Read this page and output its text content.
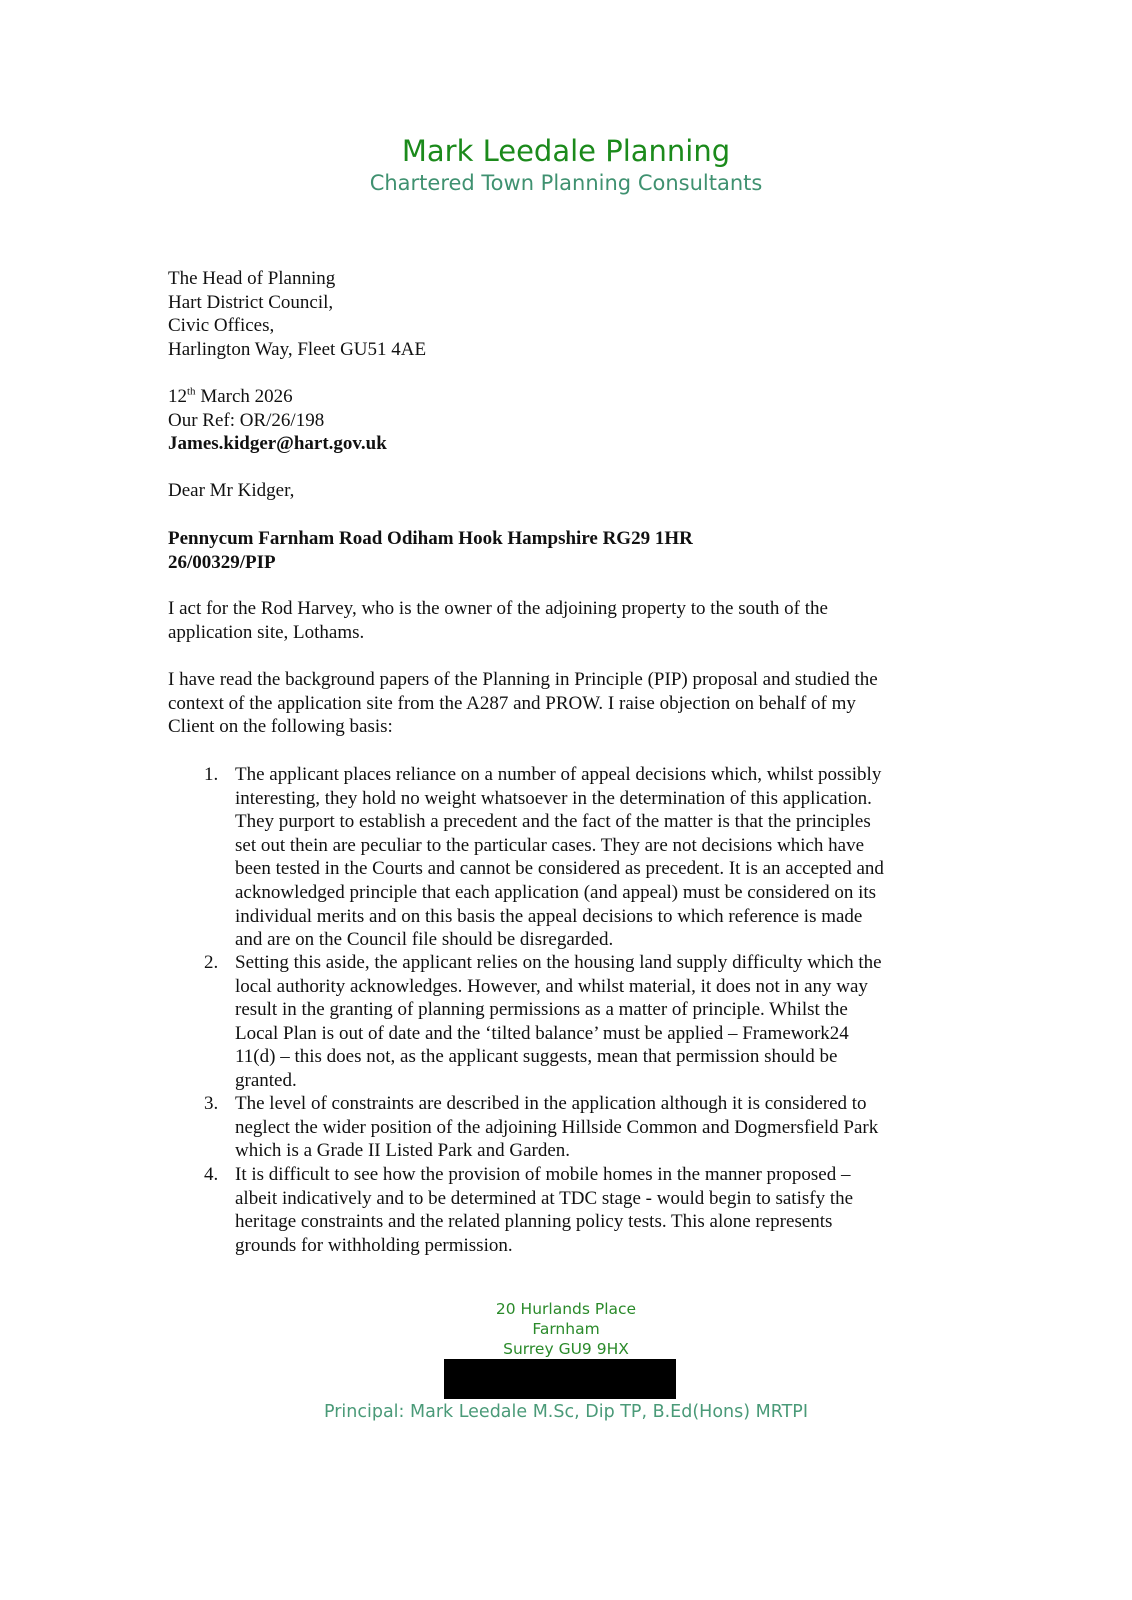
Mark Leedale Planning
Chartered Town Planning Consultants
The Head of Planning
Hart District Council,
Civic Offices,
Harlington Way, Fleet GU51 4AE
12th March 2026
Our Ref: OR/26/198
James.kidger@hart.gov.uk
Dear Mr Kidger,
Pennycum Farnham Road Odiham Hook Hampshire RG29 1HR
26/00329/PIP
I act for the Rod Harvey, who is the owner of the adjoining property to the south of the
application site, Lothams.
I have read the background papers of the Planning in Principle (PIP) proposal and studied the
context of the application site from the A287 and PROW. I raise objection on behalf of my
Client on the following basis:
1. The applicant places reliance on a number of appeal decisions which, whilst possibly
interesting, they hold no weight whatsoever in the determination of this application.
They purport to establish a precedent and the fact of the matter is that the principles
set out thein are peculiar to the particular cases. They are not decisions which have
been tested in the Courts and cannot be considered as precedent. It is an accepted and
acknowledged principle that each application (and appeal) must be considered on its
individual merits and on this basis the appeal decisions to which reference is made
and are on the Council file should be disregarded.
2. Setting this aside, the applicant relies on the housing land supply difficulty which the
local authority acknowledges. However, and whilst material, it does not in any way
result in the granting of planning permissions as a matter of principle. Whilst the
Local Plan is out of date and the ‘tilted balance’ must be applied – Framework24
11(d) – this does not, as the applicant suggests, mean that permission should be
granted.
3. The level of constraints are described in the application although it is considered to
neglect the wider position of the adjoining Hillside Common and Dogmersfield Park
which is a Grade II Listed Park and Garden.
4. It is difficult to see how the provision of mobile homes in the manner proposed –
albeit indicatively and to be determined at TDC stage - would begin to satisfy the
heritage constraints and the related planning policy tests. This alone represents
grounds for withholding permission.
20 Hurlands Place
Farnham
Surrey GU9 9HX
Principal: Mark Leedale M.Sc, Dip TP, B.Ed(Hons) MRTPI
